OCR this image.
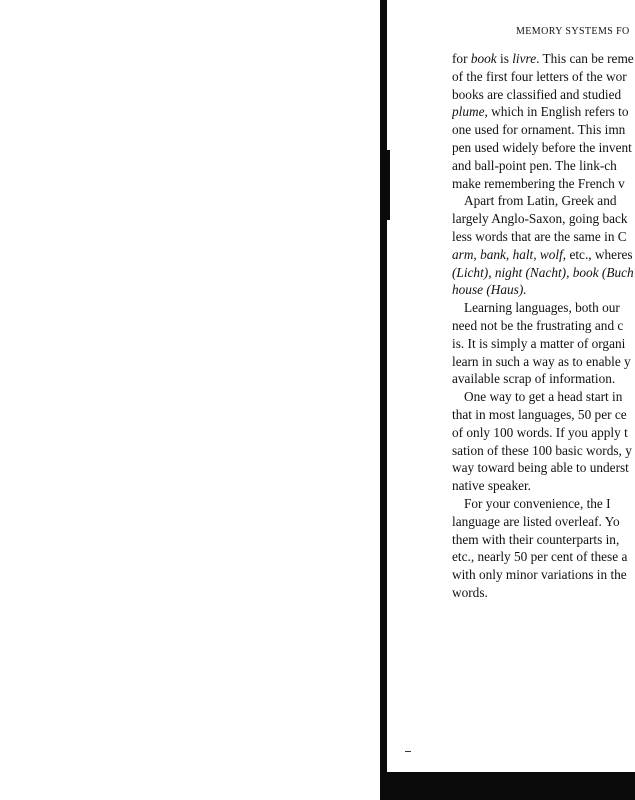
MEMORY SYSTEMS FO
for book is livre. This can be reme
of the first four letters of the wor
books are classified and studied
plume, which in English refers to
one used for ornament. This imn
pen used widely before the invent
and ball-point pen. The link-ch
make remembering the French v
Apart from Latin, Greek and
largely Anglo-Saxon, going back
less words that are the same in C
arm, bank, halt, wolf, etc., wheres
(Licht), night (Nacht), book (Buch
house (Haus).
Learning languages, both our
need not be the frustrating and c
is. It is simply a matter of organi
learn in such a way as to enable y
available scrap of information.
One way to get a head start in
that in most languages, 50 per ce
of only 100 words. If you apply t
sation of these 100 basic words, y
way toward being able to underst
native speaker.
For your convenience, the I
language are listed overleaf. Yo
them with their counterparts in,
etc., nearly 50 per cent of these a
with only minor variations in the
words.
